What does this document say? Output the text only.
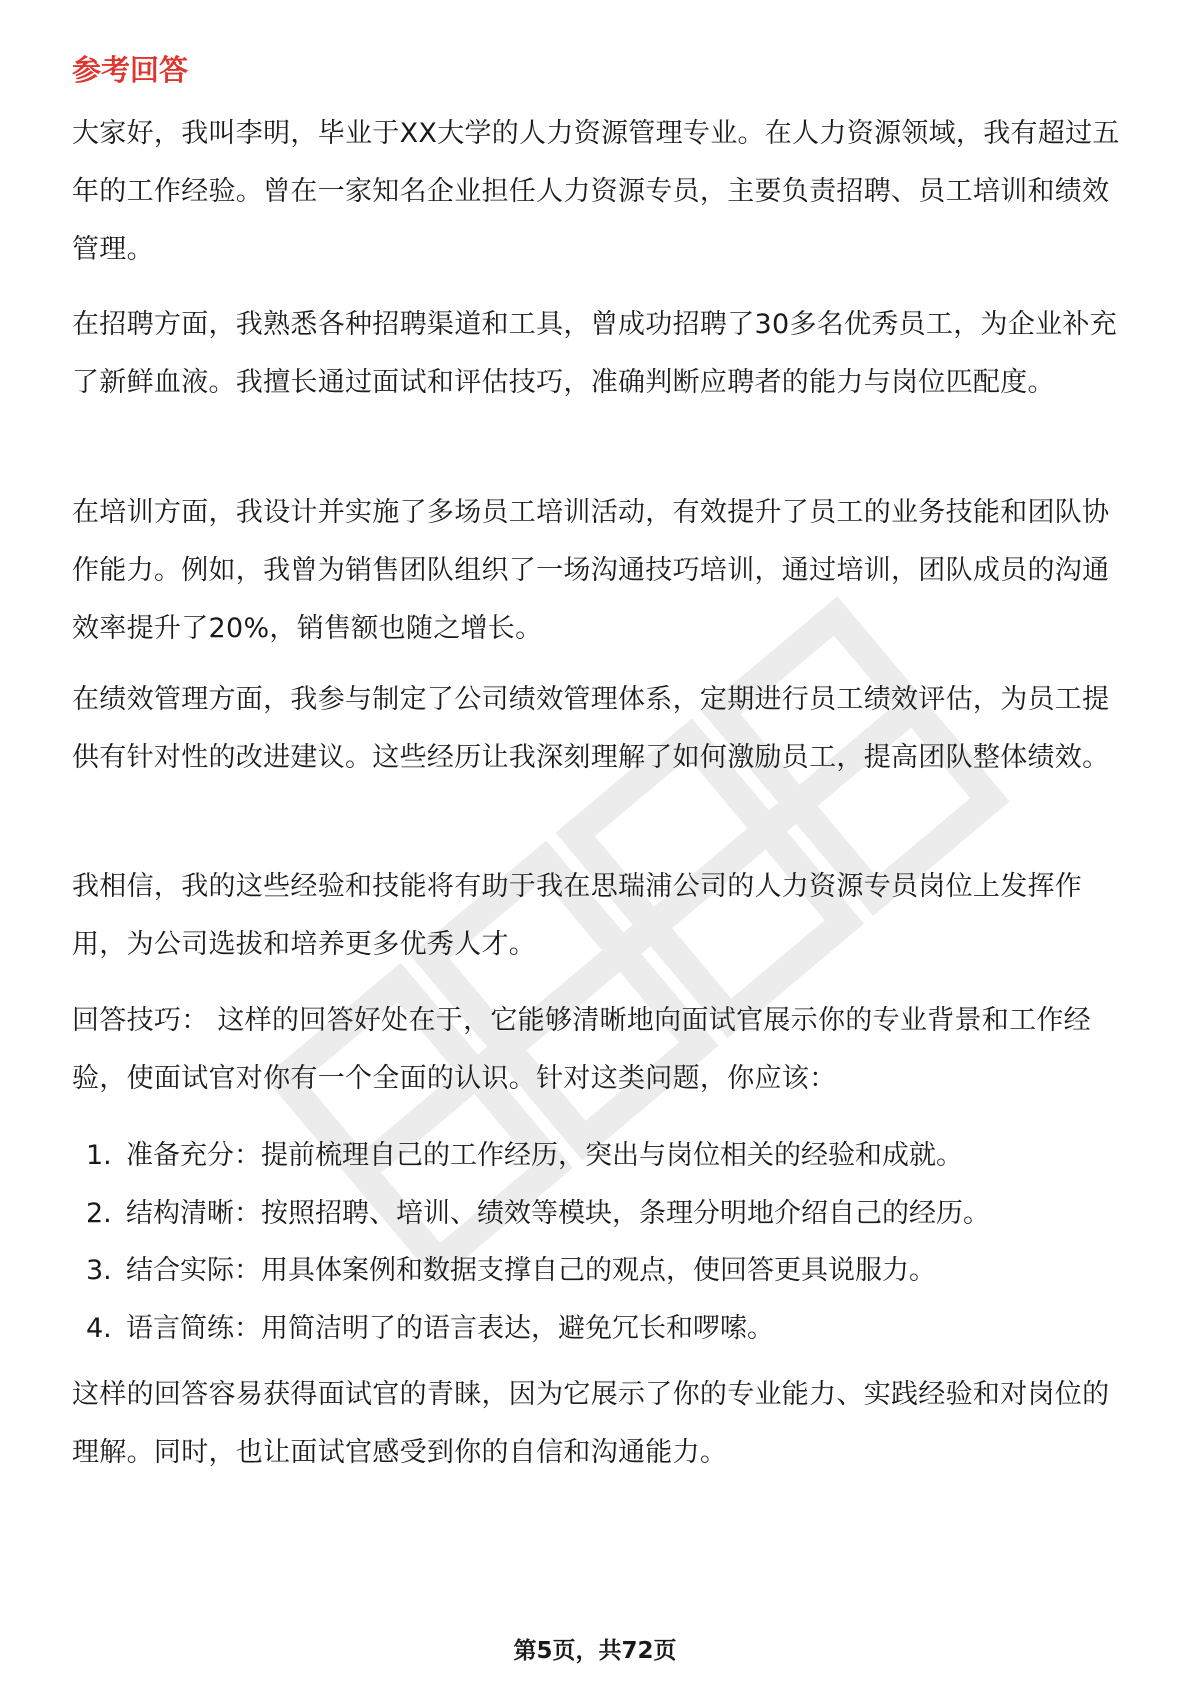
参考回答

大家好，我叫李明，毕业于XX大学的人力资源管理专业。在人力资源领域，我有超过五年的工作经验。曾在一家知名企业担任人力资源专员，主要负责招聘、员工培训和绩效管理。

在招聘方面，我熟悉各种招聘渠道和工具，曾成功招聘了30多名优秀员工，为企业补充了新鲜血液。我擅长通过面试和评估技巧，准确判断应聘者的能力与岗位匹配度。

在培训方面，我设计并实施了多场员工培训活动，有效提升了员工的业务技能和团队协作能力。例如，我曾为销售团队组织了一场沟通技巧培训，通过培训，团队成员的沟通效率提升了20%，销售额也随之增长。

在绩效管理方面，我参与制定了公司绩效管理体系，定期进行员工绩效评估，为员工提供有针对性的改进建议。这些经历让我深刻理解了如何激励员工，提高团队整体绩效。

我相信，我的这些经验和技能将有助于我在思瑞浦公司的人力资源专员岗位上发挥作用，为公司选拔和培养更多优秀人才。

回答技巧： 这样的回答好处在于，它能够清晰地向面试官展示你的专业背景和工作经验，使面试官对你有一个全面的认识。针对这类问题，你应该：

1. 准备充分：提前梳理自己的工作经历，突出与岗位相关的经验和成就。
2. 结构清晰：按照招聘、培训、绩效等模块，条理分明地介绍自己的经历。
3. 结合实际：用具体案例和数据支撑自己的观点，使回答更具说服力。
4. 语言简练：用简洁明了的语言表达，避免冗长和啰嗦。

这样的回答容易获得面试官的青睐，因为它展示了你的专业能力、实践经验和对岗位的理解。同时，也让面试官感受到你的自信和沟通能力。

第5页，共72页
